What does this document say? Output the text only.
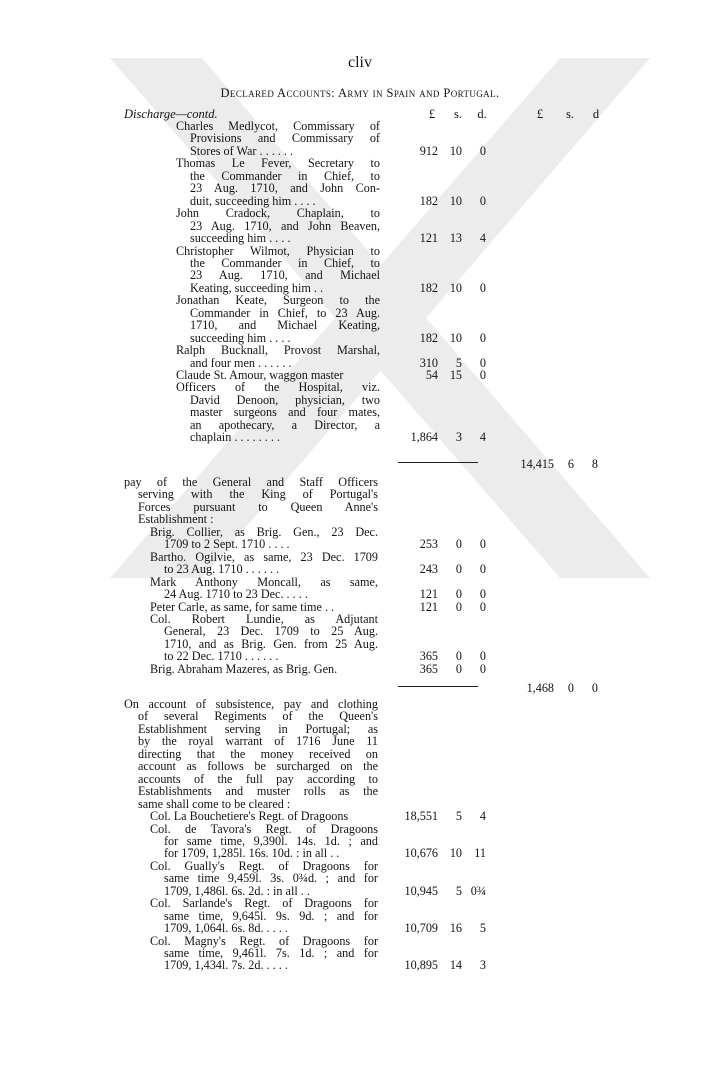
cliv
Declared Accounts: Army in Spain and Portugal.
Discharge—contd.	£	s.	d.	£	s.	d
Charles Medlycot, Commissary of
Provisions and Commissary of
Stores of War . . . . . .	912 10	0
Thomas Le Fever, Secretary to
the Commander in Chief, to
23 Aug. 1710, and John Con-
duit, succeeding him . . . .	182 10	0
John Cradock, Chaplain, to
23 Aug. 1710, and John Beaven,
succeeding him . . . .	121 13	4
Christopher Wilmot, Physician to
the Commander in Chief, to
23 Aug. 1710, and Michael
Keating, succeeding him . .	182 10	0
Jonathan Keate, Surgeon to the
Commander in Chief, to 23 Aug.
1710, and Michael Keating,
succeeding him . . . .	182 10	0
Ralph Bucknall, Provost Marshal,
and four men . . . . . .	310	5	0
Claude St. Amour, waggon master	54 15	0
Officers of the Hospital, viz.
David Denoon, physician, two
master surgeons and four mates,
an apothecary, a Director, a
chaplain . . . . . . . .	1,864	3	4
14,415	6	8
pay of the General and Staff Officers
serving with the King of Portugal's
Forces pursuant to Queen Anne's
Establishment :
Brig. Collier, as Brig. Gen., 23 Dec.
1709 to 2 Sept. 1710 . . . .	253	0	0
Bartho. Ogilvie, as same, 23 Dec. 1709
to 23 Aug. 1710 . . . . . .	243	0	0
Mark Anthony Moncall, as same,
24 Aug. 1710 to 23 Dec. . . . .	121	0	0
Peter Carle, as same, for same time . .	121	0	0
Col. Robert Lundie, as Adjutant
General, 23 Dec. 1709 to 25 Aug.
1710, and as Brig. Gen. from 25 Aug.
to 22 Dec. 1710 . . . . . .	365	0	0
Brig. Abraham Mazeres, as Brig. Gen.	365	0	0
1,468	0	0
On account of subsistence, pay and clothing
of several Regiments of the Queen's
Establishment serving in Portugal; as
by the royal warrant of 1716 June 11
directing that the money received on
account as follows be surcharged on the
accounts of the full pay according to
Establishments and muster rolls as the
same shall come to be cleared :
Col. La Bouchetiere's Regt. of Dragoons	18,551	5	4
Col. de Tavora's Regt. of Dragoons
for same time, 9,390l. 14s. 1d. ; and
for 1709, 1,285l. 16s. 10d. : in all . .	10,676 10	11
Col. Gually's Regt. of Dragoons for
same time 9,459l. 3s. 0¾d. ; and for
1709, 1,486l. 6s. 2d. : in all . .	10,945	5 0¾
Col. Sarlande's Regt. of Dragoons for
same time, 9,645l. 9s. 9d. ; and for
1709, 1,064l. 6s. 8d. . . . .	10,709 16	5
Col. Magny's Regt. of Dragoons for
same time, 9,461l. 7s. 1d. ; and for
1709, 1,434l. 7s. 2d. . . . .	10,895 14	3
